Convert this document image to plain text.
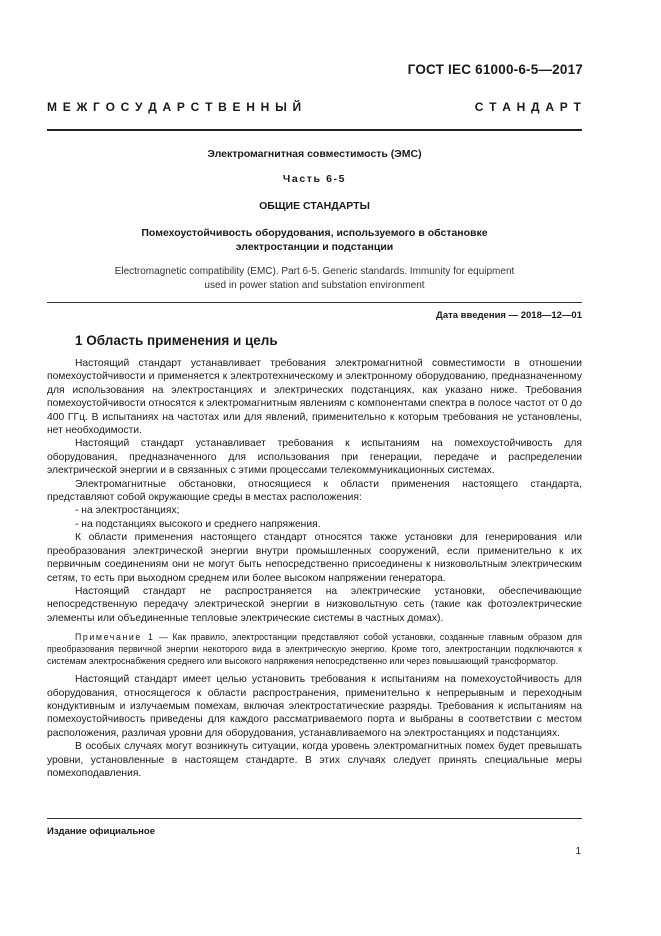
ГОСТ IEC 61000-6-5—2017
М Е Ж Г О С У Д А Р С Т В Е Н Н Ы Й	С Т А Н Д А Р Т
Электромагнитная совместимость (ЭМС)
Часть 6-5
ОБЩИЕ СТАНДАРТЫ
Помехоустойчивость оборудования, используемого в обстановке
электростанции и подстанции
Electromagnetic compatibility (EMC). Part 6-5. Generic standards. Immunity for equipment
used in power station and substation environment
Дата введения — 2018—12—01
1 Область применения и цель

Настоящий стандарт устанавливает требования электромагнитной совместимости в отношении помехоустойчивости и применяется к электротехническому и электронному оборудованию, предназначенному для использования на электростанциях и электрических подстанциях, как указано ниже. Требования помехоустойчивости относятся к электромагнитным явлениям с компонентами спектра в полосе частот от 0 до 400 ГГц. В испытаниях на частотах или для явлений, применительно к которым требования не установлены, нет необходимости.

Настоящий стандарт устанавливает требования к испытаниям на помехоустойчивость для оборудования, предназначенного для использования при генерации, передаче и распределении электрической энергии и в связанных с этими процессами телекоммуникационных системах.

Электромагнитные обстановки, относящиеся к области применения настоящего стандарта, представляют собой окружающие среды в местах расположения:

- на электростанциях;

- на подстанциях высокого и среднего напряжения.

К области применения настоящего стандарт относятся также установки для генерирования или преобразования электрической энергии внутри промышленных сооружений, если применительно к их первичным соединениям они не могут быть непосредственно присоединены к низковольтным электрическим сетям, то есть при выходном среднем или более высоком напряжении генератора.

Настоящий стандарт не распространяется на электрические установки, обеспечивающие непосредственную передачу электрической энергии в низковольтную сеть (такие как фотоэлектрические элементы или объединенные тепловые электрические системы в частных домах).

Примечание 1 — Как правило, электростанции представляют собой установки, созданные главным образом для преобразования первичной энергии некоторого вида в электрическую энергию. Кроме того, электростанции подключаются к системам электроснабжения среднего или высокого напряжения непосредственно или через повышающий трансформатор.

Настоящий стандарт имеет целью установить требования к испытаниям на помехоустойчивость для оборудования, относящегося к области распространения, применительно к непрерывным и переходным кондуктивным и излучаемым помехам, включая электростатические разряды. Требования к испытаниям на помехоустойчивость приведены для каждого рассматриваемого порта и выбраны в соответствии с местом расположения, различая уровни для оборудования, устанавливаемого на электростанциях и подстанциях.

В особых случаях могут возникнуть ситуации, когда уровень электромагнитных помех будет превышать уровни, установленные в настоящем стандарте. В этих случаях следует принять специальные меры помехоподавления.

Издание официальное
1
